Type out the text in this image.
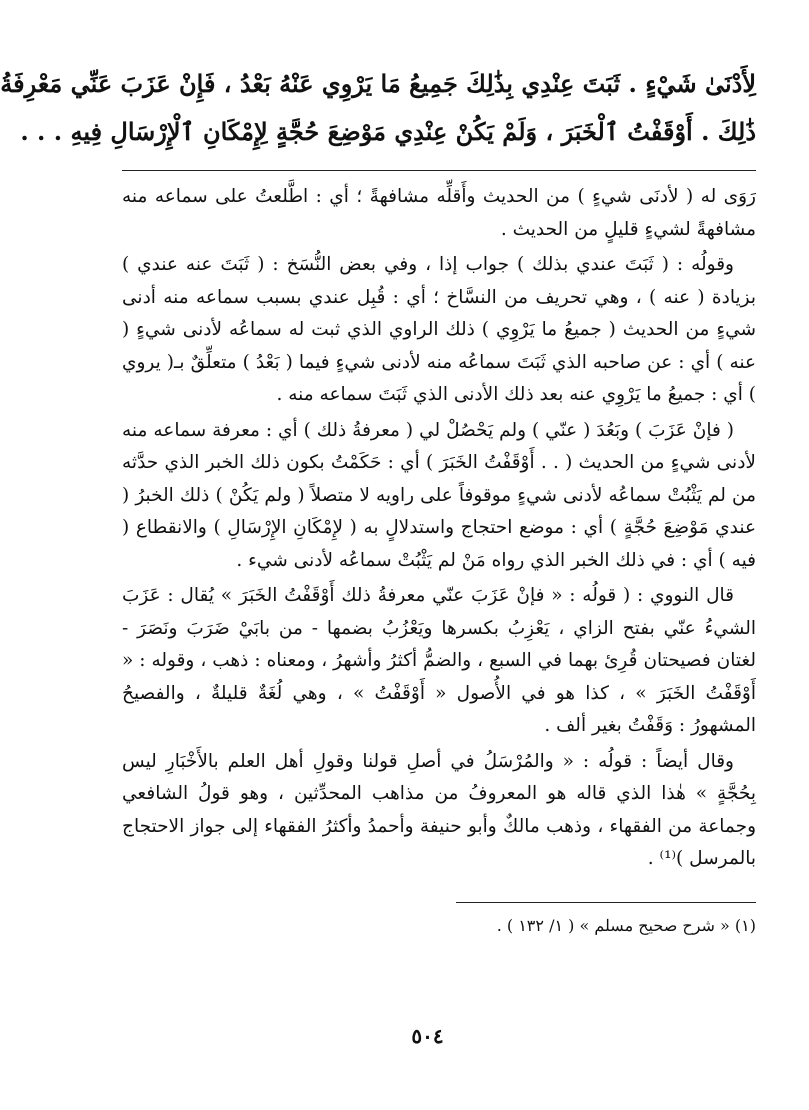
لِأَدْنَىٰ شَيْءٍ . ثَبَتَ عِنْدِي بِذَٰلِكَ جَمِيعُ مَا يَرْوِي عَنْهُ بَعْدُ ، فَإِنْ عَزَبَ عَنِّي مَعْرِفَةُ
ذَٰلِكَ . أَوْقَفْتُ ٱلْخَبَرَ ، وَلَمْ يَكُنْ عِنْدِي مَوْضِعَ حُجَّةٍ لِإِمْكَانِ ٱلْإِرْسَالِ فِيهِ . . .

رَوَى له ( لأدنَى شيءٍ ) من الحديث وأَقلِّه مشافهةً ؛ أي : اطَّلعتُ على سماعه منه مشافهةً لشيءٍ قليلٍ من الحديث .

وقولُه : ( ثَبَتَ عندي بذلك ) جواب إذا ، وفي بعض النُّسَخ : ( ثَبَتَ عنه عندي ) بزيادة ( عنه ) ، وهي تحريف من النسَّاخ ؛ أي : قُبِل عندي بسبب سماعه منه أدنى شيءٍ من الحديث ( جميعُ ما يَرْوِي ) ذلك الراوي الذي ثبت له سماعُه لأدنى شيءٍ ( عنه ) أي : عن صاحبه الذي ثَبَتَ سماعُه منه لأدنى شيءٍ فيما ( بَعْدُ ) متعلِّقٌ بـ( يروي ) أي : جميعُ ما يَرْوِي عنه بعد ذلك الأدنى الذي ثَبَتَ سماعه منه .

( فإنْ عَزَبَ ) وبَعُدَ ( عنّي ) ولم يَحْصُلْ لي ( معرفةُ ذلك ) أي : معرفة سماعه منه لأدنى شيءٍ من الحديث ( . . أَوْقَفْتُ الخَبَرَ ) أي : حَكَمْتُ بكون ذلك الخبر الذي حدَّثه من لم يَثْبُتْ سماعُه لأدنى شيءٍ موقوفاً على راويه لا متصلاً ( ولم يَكُنْ ) ذلك الخبرُ ( عندي مَوْضِعَ حُجَّةٍ ) أي : موضع احتجاج واستدلالٍ به ( لإِمْكَانِ الإِرْسَالِ ) والانقطاع ( فيه ) أي : في ذلك الخبر الذي رواه مَنْ لم يَثْبُتْ سماعُه لأدنى شيء .

قال النووي : ( قولُه : « فإنْ عَزَبَ عنّي معرفةُ ذلك أَوْقَفْتُ الخَبَرَ » يُقال : عَزَبَ الشيءُ عنّي بفتح الزاي ، يَعْزِبُ بكسرها ويَعْزُبُ بضمها - من بابَيْ ضَرَبَ ونَصَرَ - لغتان فصيحتان قُرِئ بهما في السبع ، والضمُّ أكثرُ وأشهرُ ، ومعناه : ذهب ، وقوله : « أَوْقَفْتُ الخَبَرَ » ، كذا هو في الأُصول « أَوْقَفْتُ » ، وهي لُغَةٌ قليلةٌ ، والفصيحُ المشهورُ : وَقَفْتُ بغير ألف .

وقال أيضاً : قولُه : « والمُرْسَلُ في أصلِ قولنا وقولِ أهل العلم بالأَخْبَارِ ليس بِحُجَّةٍ » هٰذا الذي قاله هو المعروفُ من مذاهب المحدِّثين ، وهو قولُ الشافعي وجماعة من الفقهاء ، وذهب مالكٌ وأبو حنيفة وأحمدُ وأكثرُ الفقهاء إلى جواز الاحتجاج بالمرسل )⁽¹⁾ .

(١) « شرح صحيح مسلم » ( ١/ ١٣٢ ) .

٥٠٤
